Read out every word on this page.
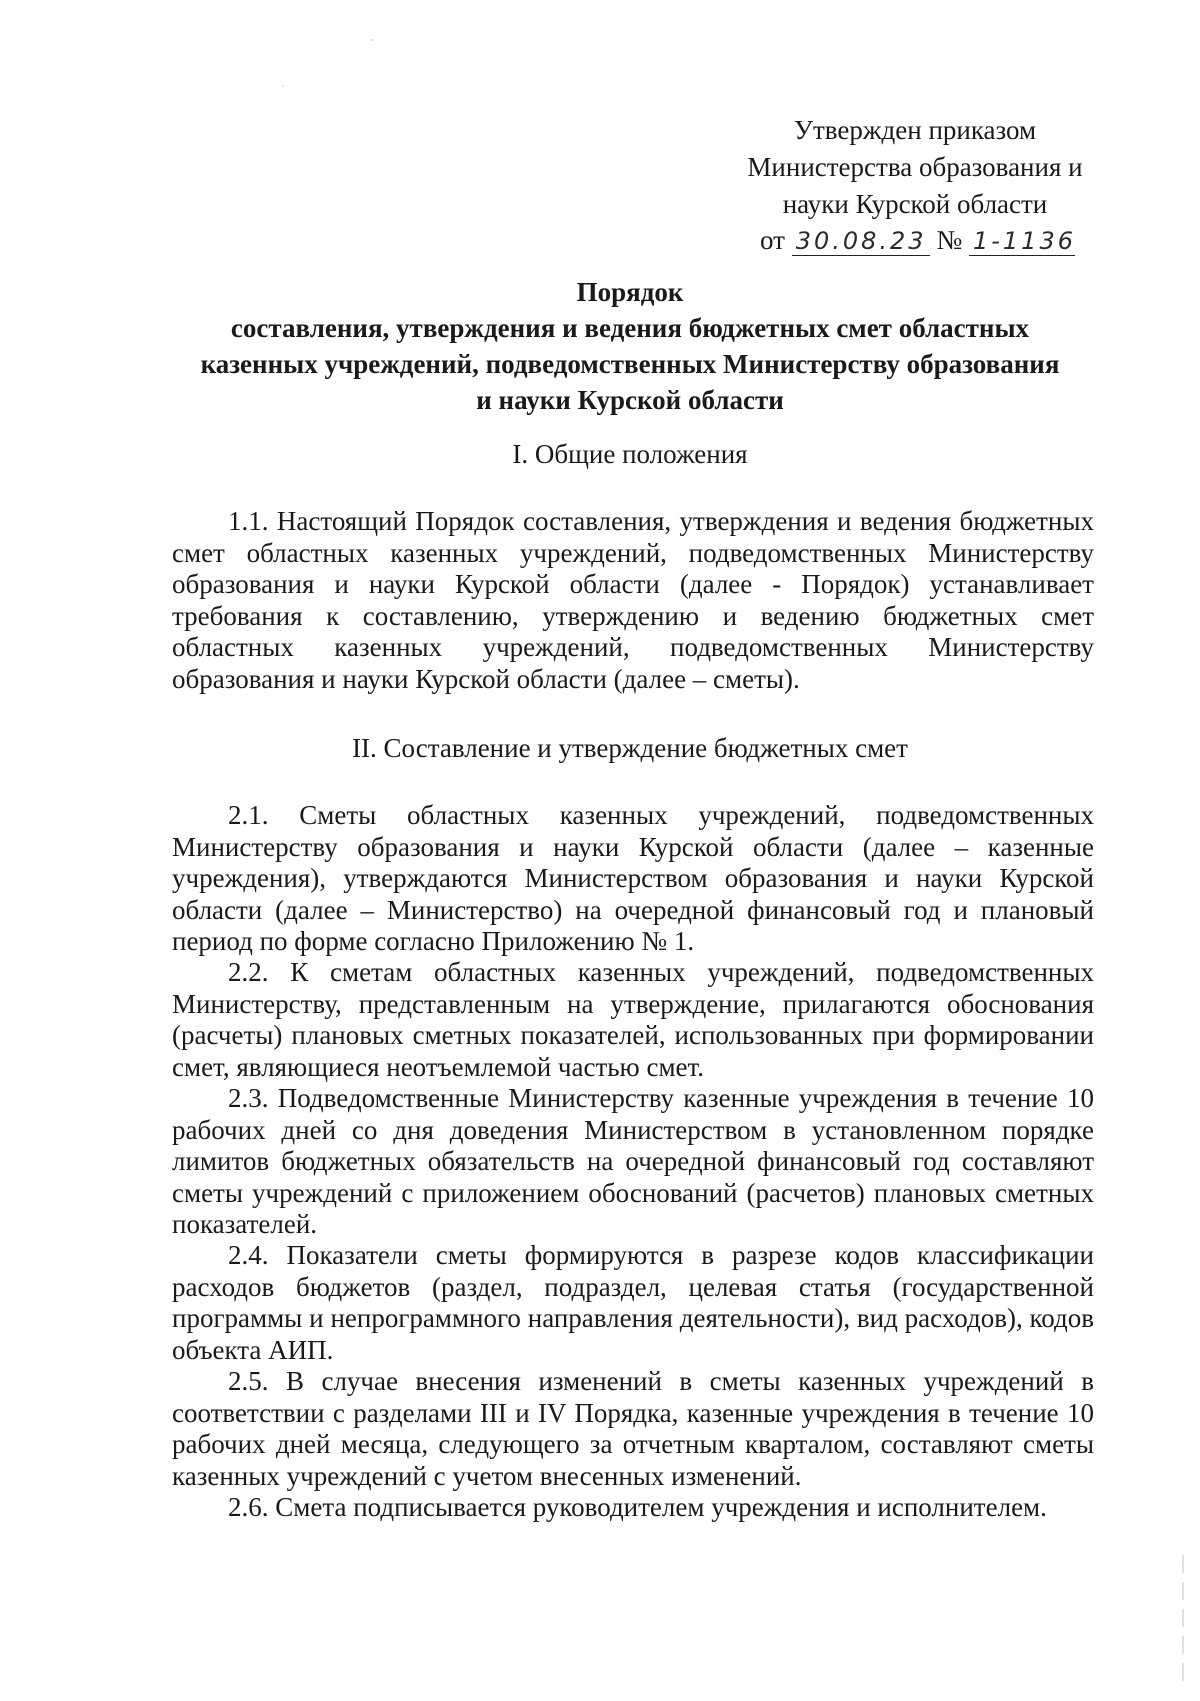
Утвержден приказом
Министерства образования и
науки Курской области
от 30.08.23 № 1-1136
Порядок
составления, утверждения и ведения бюджетных смет областных
казенных учреждений, подведомственных Министерству образования
и науки Курской области
I. Общие положения

1.1. Настоящий Порядок составления, утверждения и ведения бюджетных смет областных казенных учреждений, подведомственных Министерству образования и науки Курской области (далее - Порядок) устанавливает требования к составлению, утверждению и ведению бюджетных смет областных казенных учреждений, подведомственных Министерству образования и науки Курской области (далее – сметы).

II. Составление и утверждение бюджетных смет

2.1. Сметы областных казенных учреждений, подведомственных Министерству образования и науки Курской области (далее – казенные учреждения), утверждаются Министерством образования и науки Курской области (далее – Министерство) на очередной финансовый год и плановый период по форме согласно Приложению № 1.

2.2. К сметам областных казенных учреждений, подведомственных Министерству, представленным на утверждение, прилагаются обоснования (расчеты) плановых сметных показателей, использованных при формировании смет, являющиеся неотъемлемой частью смет.

2.3. Подведомственные Министерству казенные учреждения в течение 10 рабочих дней со дня доведения Министерством в установленном порядке лимитов бюджетных обязательств на очередной финансовый год составляют сметы учреждений с приложением обоснований (расчетов) плановых сметных показателей.

2.4. Показатели сметы формируются в разрезе кодов классификации расходов бюджетов (раздел, подраздел, целевая статья (государственной программы и непрограммного направления деятельности), вид расходов), кодов объекта АИП.

2.5. В случае внесения изменений в сметы казенных учреждений в соответствии с разделами III и IV Порядка, казенные учреждения в течение 10 рабочих дней месяца, следующего за отчетным кварталом, составляют сметы казенных учреждений с учетом внесенных изменений.

2.6. Смета подписывается руководителем учреждения и исполнителем.
